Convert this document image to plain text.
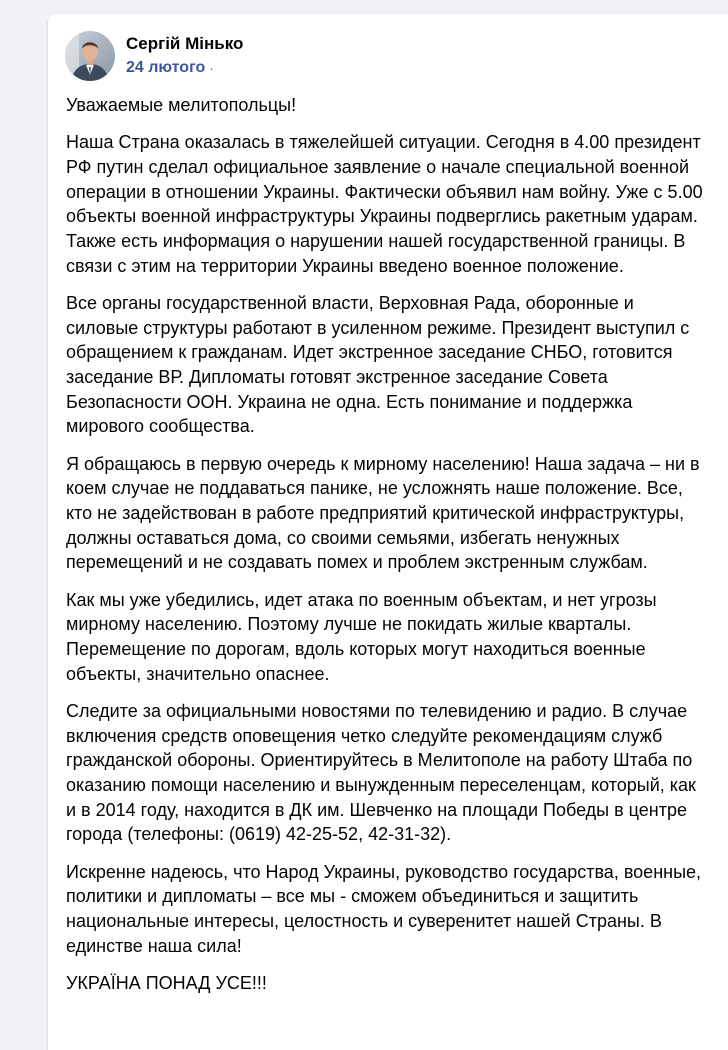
Сергій Мінько
24 лютого ·

Уважаемые мелитопольцы!

Наша Страна оказалась в тяжелейшей ситуации. Сегодня в 4.00 президент РФ путин сделал официальное заявление о начале специальной военной операции в отношении Украины. Фактически объявил нам войну. Уже с 5.00 объекты военной инфраструктуры Украины подверглись ракетным ударам. Также есть информация о нарушении нашей государственной границы. В связи с этим на территории Украины введено военное положение.

Все органы государственной власти, Верховная Рада, оборонные и силовые структуры работают в усиленном режиме. Президент выступил с обращением к гражданам. Идет экстренное заседание СНБО, готовится заседание ВР. Дипломаты готовят экстренное заседание Совета Безопасности ООН. Украина не одна. Есть понимание и поддержка мирового сообщества.

Я обращаюсь в первую очередь к мирному населению! Наша задача – ни в коем случае не поддаваться панике, не усложнять наше положение. Все, кто не задействован в работе предприятий критической инфраструктуры, должны оставаться дома, со своими семьями, избегать ненужных перемещений и не создавать помех и проблем экстренным службам.

Как мы уже убедились, идет атака по военным объектам, и нет угрозы мирному населению. Поэтому лучше не покидать жилые кварталы. Перемещение по дорогам, вдоль которых могут находиться военные объекты, значительно опаснее.

Следите за официальными новостями по телевидению и радио. В случае включения средств оповещения четко следуйте рекомендациям служб гражданской обороны. Ориентируйтесь в Мелитополе на работу Штаба по оказанию помощи населению и вынужденным переселенцам, который, как и в 2014 году, находится в ДК им. Шевченко на площади Победы в центре города (телефоны: (0619) 42-25-52, 42-31-32).

Искренне надеюсь, что Народ Украины, руководство государства, военные, политики и дипломаты – все мы - сможем объединиться и защитить национальные интересы, целостность и суверенитет нашей Страны. В единстве наша сила!

УКРАЇНА ПОНАД УСЕ!!!
